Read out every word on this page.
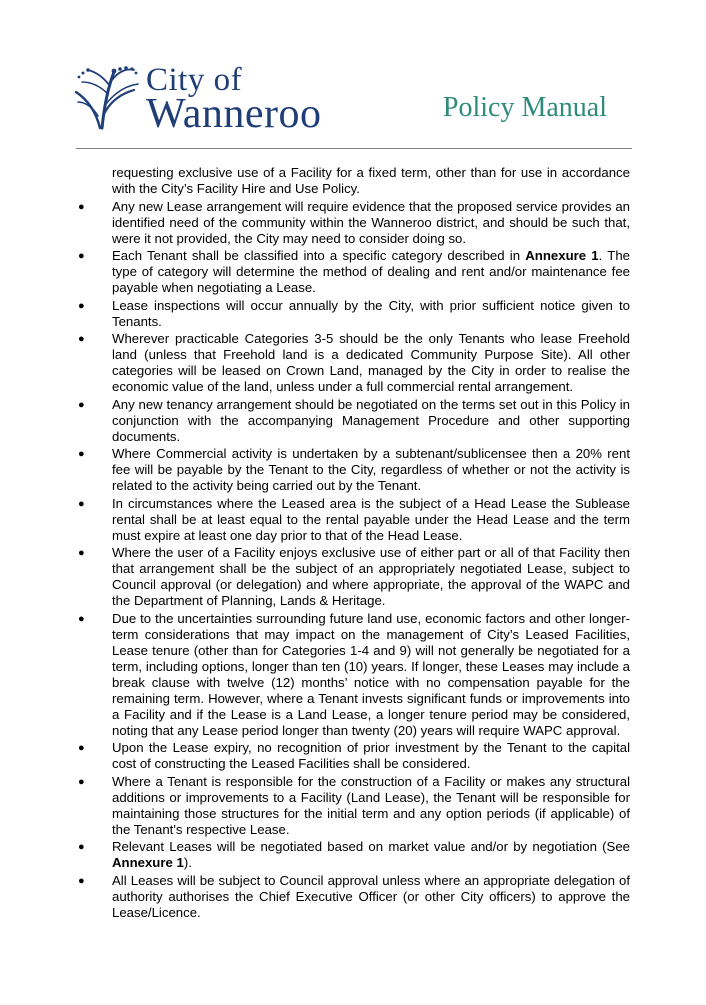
City of
Wanneroo	Policy Manual
requesting exclusive use of a Facility for a fixed term, other than for use in accordance with the City’s Facility Hire and Use Policy.
● Any new Lease arrangement will require evidence that the proposed service provides an identified need of the community within the Wanneroo district, and should be such that, were it not provided, the City may need to consider doing so.
● Each Tenant shall be classified into a specific category described in Annexure 1. The type of category will determine the method of dealing and rent and/or maintenance fee payable when negotiating a Lease.
● Lease inspections will occur annually by the City, with prior sufficient notice given to Tenants.
● Wherever practicable Categories 3-5 should be the only Tenants who lease Freehold land (unless that Freehold land is a dedicated Community Purpose Site). All other categories will be leased on Crown Land, managed by the City in order to realise the economic value of the land, unless under a full commercial rental arrangement.
● Any new tenancy arrangement should be negotiated on the terms set out in this Policy in conjunction with the accompanying Management Procedure and other supporting documents.
● Where Commercial activity is undertaken by a subtenant/sublicensee then a 20% rent fee will be payable by the Tenant to the City, regardless of whether or not the activity is related to the activity being carried out by the Tenant.
● In circumstances where the Leased area is the subject of a Head Lease the Sublease rental shall be at least equal to the rental payable under the Head Lease and the term must expire at least one day prior to that of the Head Lease.
● Where the user of a Facility enjoys exclusive use of either part or all of that Facility then that arrangement shall be the subject of an appropriately negotiated Lease, subject to Council approval (or delegation) and where appropriate, the approval of the WAPC and the Department of Planning, Lands & Heritage.
● Due to the uncertainties surrounding future land use, economic factors and other longer-term considerations that may impact on the management of City’s Leased Facilities, Lease tenure (other than for Categories 1-4 and 9) will not generally be negotiated for a term, including options, longer than ten (10) years. If longer, these Leases may include a break clause with twelve (12) months’ notice with no compensation payable for the remaining term. However, where a Tenant invests significant funds or improvements into a Facility and if the Lease is a Land Lease, a longer tenure period may be considered, noting that any Lease period longer than twenty (20) years will require WAPC approval.
● Upon the Lease expiry, no recognition of prior investment by the Tenant to the capital cost of constructing the Leased Facilities shall be considered.
● Where a Tenant is responsible for the construction of a Facility or makes any structural additions or improvements to a Facility (Land Lease), the Tenant will be responsible for maintaining those structures for the initial term and any option periods (if applicable) of the Tenant's respective Lease.
● Relevant Leases will be negotiated based on market value and/or by negotiation (See Annexure 1).
● All Leases will be subject to Council approval unless where an appropriate delegation of authority authorises the Chief Executive Officer (or other City officers) to approve the Lease/Licence.
